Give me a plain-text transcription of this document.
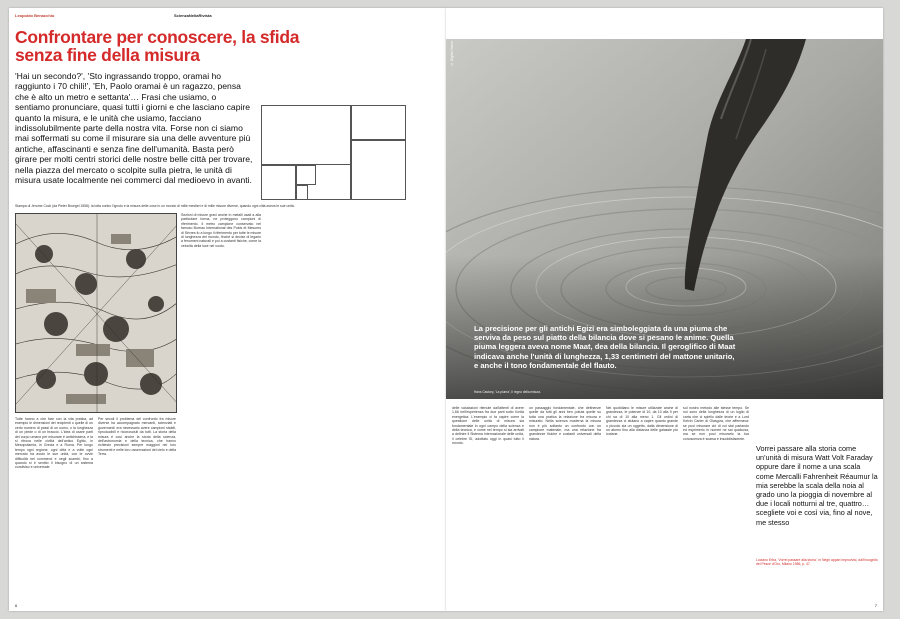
Leopoldo Benacchio	ScienzaNellaRivista
Confrontare per conoscere, la sfida senza fine della misura

'Hai un secondo?', 'Sto ingrassando troppo, oramai ho raggiunto i 70 chili!', 'Eh, Paolo oramai è un ragazzo, pensa che è alto un metro e settanta'… Frasi che usiamo, o sentiamo pronunciare, quasi tutti i giorni e che lasciano capire quanto la misura, e le unità che usiamo, facciano indissolubilmente parte della nostra vita. Forse non ci siamo mai soffermati su come il misurare sia una delle avventure più antiche, affascinanti e senza fine dell'umanità. Basta però girare per molti centri storici delle nostre belle città per trovare, nella piazza del mercato o scolpite sulla pietra, le unità di misura usate localmente nei commerci dal medioevo in avanti.

Stampa di Jerome Cock (da Pieter Bruegel 1558): la lotta contro l'ignoto e la misura delle cose in un mondo di mille mestieri e di mille misure diverse, quando ogni città aveva le sue unità.

Tutte hanno a che fare con la vita pratica, ad esempio le dimensioni dei recipienti o quelle di un certo numero di passi di un uomo, o la lunghezza di un piede o di un braccio. L'idea di usare parti del corpo umano per misurare è antichissima, e la si ritrova nelle civiltà dell'antico Egitto, in Mesopotamia, in Grecia e a Roma. Per lungo tempo ogni regione, ogni città e a volte ogni mercato ha avuto le sue unità, con le ovvie difficoltà nei commerci e negli scambi, fino a quando si è sentito il bisogno di un sistema condiviso e universale.

Per secoli il problema del confronto fra misure diverse ha accompagnato mercanti, scienziati e governanti: era necessario avere campioni stabili, riproducibili e riconosciuti da tutti. La storia della misura è così anche la storia della scienza, dell'astronomia e della tecnica, che hanno richiesto precisioni sempre maggiori nei loro strumenti e nelle loro osservazioni del cielo e della Terra.

Sezioni di misure gravi anche in metalli usati a alla particolare forma, ne proteggono campioni di riferimento. Il metro campione conservato nel famoso Bureau International des Poids et Mesures di Sèvres fu a lungo il riferimento per tutte le misure di lunghezza del mondo, finché si decise di legarlo a fenomeni naturali e poi a costanti fisiche, come la velocità della luce nel vuoto.

6
© Digital Vision

La precisione per gli antichi Egizi era simboleggiata da una piuma che serviva da peso sul piatto della bilancia dove si pesano le anime. Quella piuma leggera aveva nome Maat, dea della bilancia. Il geroglifico di Maat indicava anche l'unità di lunghezza, 1,33 centimetri del mattone unitario, e anche il tono fondamentale del flauto.

Hans Castorp, 'La piuma', Il regno della misura.

delle valutazioni ritenute dall'attenti di avere 1,66 nell'esperienza fra due parti sotto l'unità energetica. L'esempio ci fa capire come la questione delle unità di misura sia fondamentale in ogni campo della scienza e della tecnica, e come nel tempo si sia arrivati a definire il Sistema Internazionale delle unità, il celebre SI, adottato oggi in quasi tutto il mondo.

un passaggio fondamentale, che definenze quelle da tutti gli anni ben potuta quelle su tutta una pratica la relazione fra misura e misurato. Nella scienza moderna la misura non è più soltanto un confronto con un campione materiale, ma una relazione fra grandezze fisiche e costanti universali della natura.

Nel quotidiano le misure utilizzate anche di grandezza, le potenze di 10, da 10 alla 9 per chi sa di 10 alla meno 1. Gli ordini di grandezza ci aiutano a capire quanto grande o piccolo sia un oggetto, dalla dimensione di un atomo fino alla distanza delle galassie più lontane.

sul nostro metodo alle stesse tempo. Se noi sono della lunghezza di un luglio di carta che ci spiello dalle teorie e a Lord Kelvin Carter di Glasgow, che affermava: se puoi misurare ciò di cui stai parlando ed esprimerlo in numeri ne sai qualcosa, ma se non puoi misurarlo la tua conoscenza è scarsa e insoddisfacente.

Vorrei passare alla storia come un'unità di misura Watt Volt Faraday oppure dare il nome a una scala come Mercalli Fahrenheit Réaumur la mia serebbe la scala della noia al grado uno la pioggia di novembre al due i locali notturni al tre, quattro… scegliete voi e così via, fino al nove, me stesso

Luciano Erba, 'Vorrei passare alla storia', in Negri appari improvvisi, dall'incognito del Pesce d'Oro, Milano 1986, p. 47.

7
